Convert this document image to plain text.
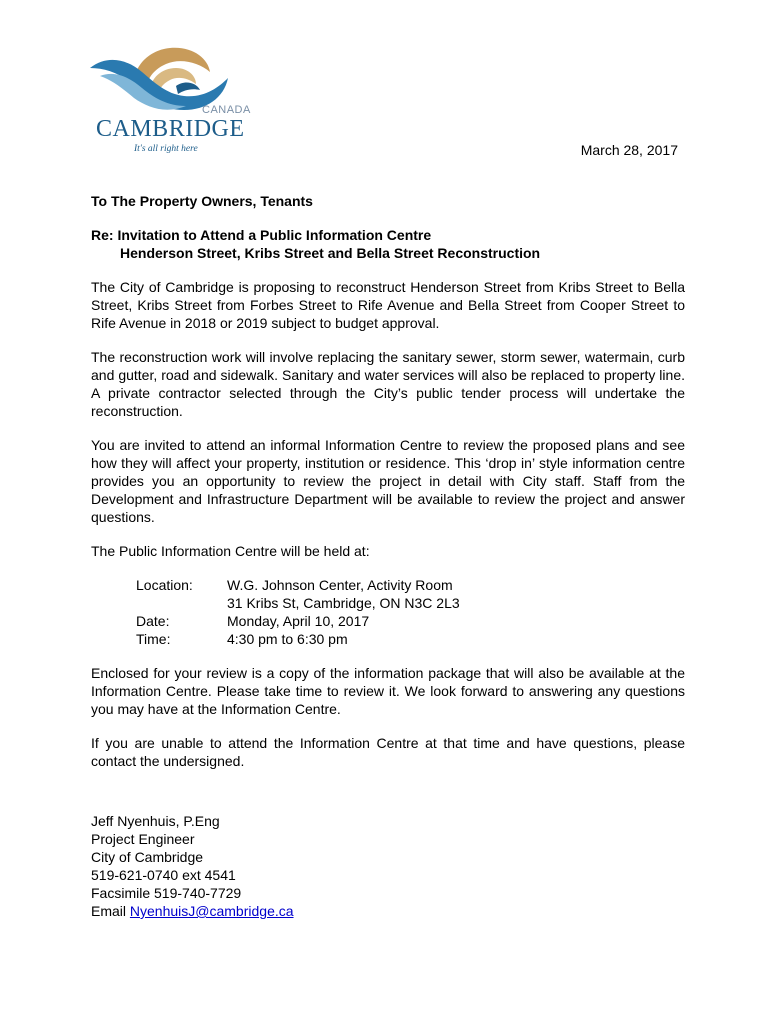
CANADA
CAMBRIDGE
It's all right here	March 28, 2017

To The Property Owners, Tenants

Re: Invitation to Attend a Public Information Centre

Henderson Street, Kribs Street and Bella Street Reconstruction

The City of Cambridge is proposing to reconstruct Henderson Street from Kribs Street to Bella Street, Kribs Street from Forbes Street to Rife Avenue and Bella Street from Cooper Street to Rife Avenue in 2018 or 2019 subject to budget approval.

The reconstruction work will involve replacing the sanitary sewer, storm sewer, watermain, curb and gutter, road and sidewalk. Sanitary and water services will also be replaced to property line. A private contractor selected through the City’s public tender process will undertake the reconstruction.

You are invited to attend an informal Information Centre to review the proposed plans and see how they will affect your property, institution or residence. This ‘drop in’ style information centre provides you an opportunity to review the project in detail with City staff. Staff from the Development and Infrastructure Department will be available to review the project and answer questions.

The Public Information Centre will be held at:

Location:	W.G. Johnson Center, Activity Room
31 Kribs St, Cambridge, ON N3C 2L3
Date:	Monday, April 10, 2017
Time:	4:30 pm to 6:30 pm

Enclosed for your review is a copy of the information package that will also be available at the Information Centre. Please take time to review it. We look forward to answering any questions you may have at the Information Centre.

If you are unable to attend the Information Centre at that time and have questions, please contact the undersigned.

Jeff Nyenhuis, P.Eng

Project Engineer

City of Cambridge

519-621-0740 ext 4541

Facsimile 519-740-7729

Email NyenhuisJ@cambridge.ca
